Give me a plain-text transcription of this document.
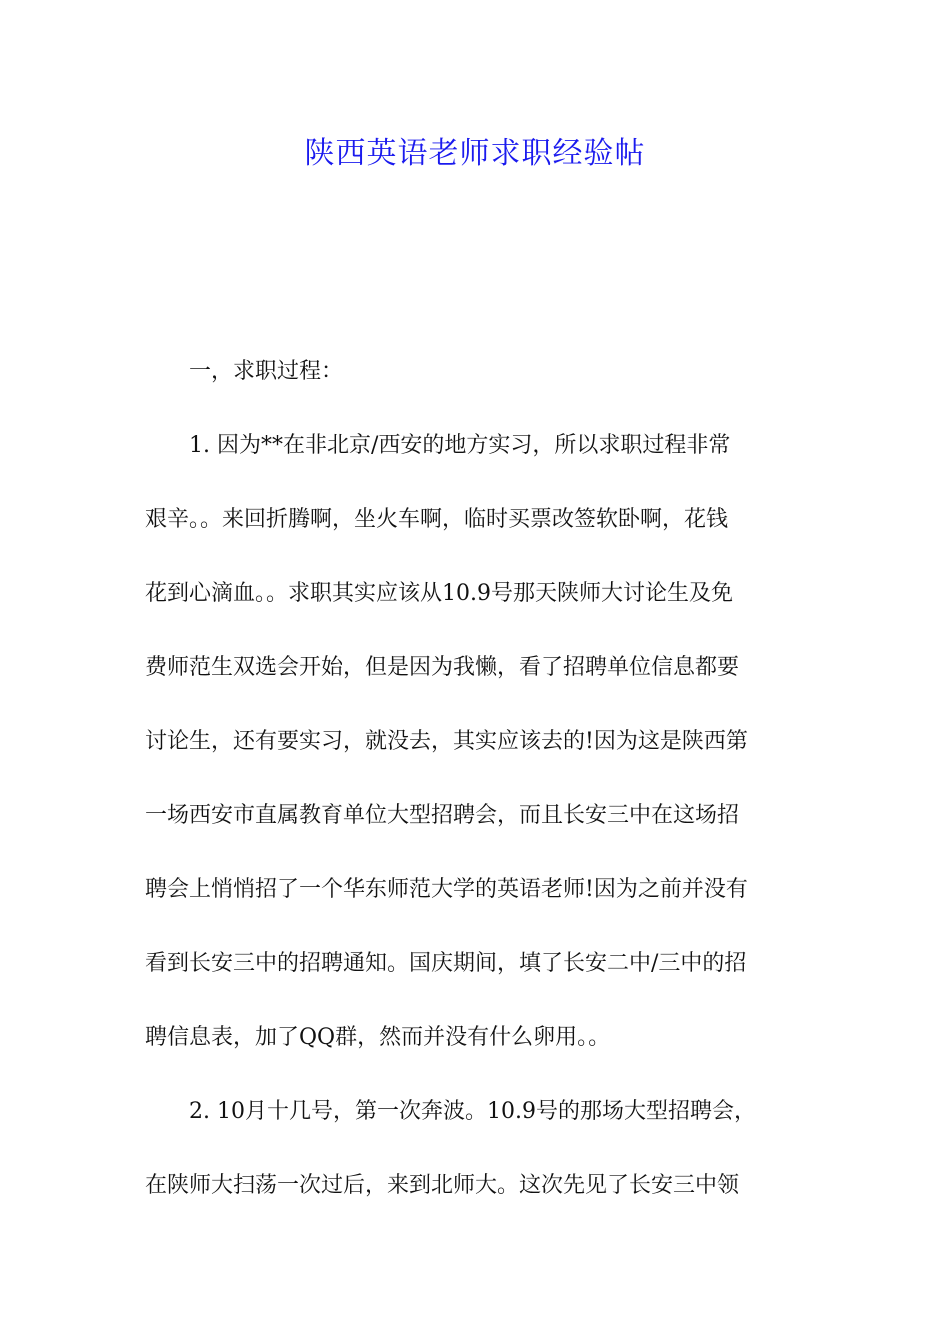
陕西英语老师求职经验帖

一，求职过程：

1. 因为**在非北京/西安的地方实习，所以求职过程非常
艰辛。。来回折腾啊，坐火车啊，临时买票改签软卧啊，花钱
花到心滴血。。求职其实应该从10.9号那天陕师大讨论生及免
费师范生双选会开始，但是因为我懒，看了招聘单位信息都要
讨论生，还有要实习，就没去，其实应该去的!因为这是陕西第
一场西安市直属教育单位大型招聘会，而且长安三中在这场招
聘会上悄悄招了一个华东师范大学的英语老师!因为之前并没有
看到长安三中的招聘通知。国庆期间，填了长安二中/三中的招
聘信息表，加了QQ群，然而并没有什么卵用。。
2. 10月十几号，第一次奔波。10.9号的那场大型招聘会，
在陕师大扫荡一次过后，来到北师大。这次先见了长安三中领
